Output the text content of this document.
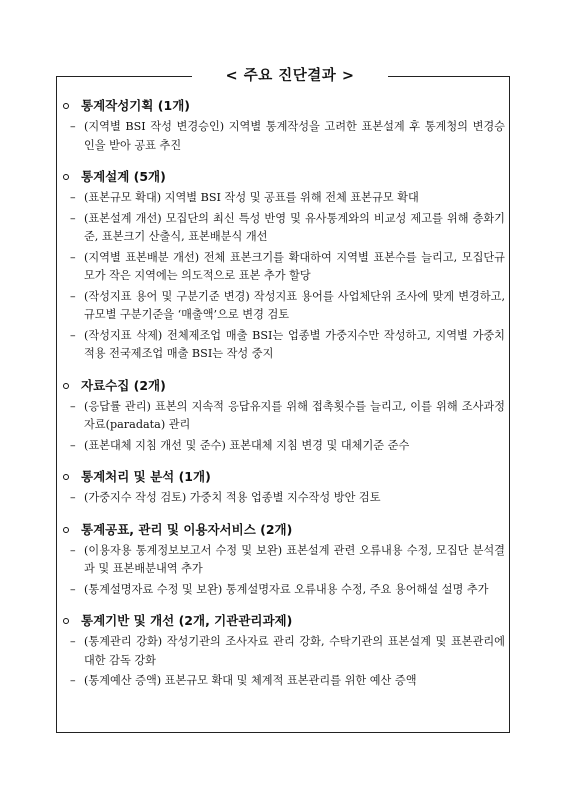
< 주요 진단결과 >
통계작성기획 (1개)
– (지역별 BSI 작성 변경승인) 지역별 통계작성을 고려한 표본설계 후 통계청의 변경승인을 받아 공표 추진
통계설계 (5개)
– (표본규모 확대) 지역별 BSI 작성 및 공표를 위해 전체 표본규모 확대
– (표본설계 개선) 모집단의 최신 특성 반영 및 유사통계와의 비교성 제고를 위해 층화기준, 표본크기 산출식, 표본배분식 개선
– (지역별 표본배분 개선) 전체 표본크기를 확대하여 지역별 표본수를 늘리고, 모집단규모가 작은 지역에는 의도적으로 표본 추가 할당
– (작성지표 용어 및 구분기준 변경) 작성지표 용어를 사업체단위 조사에 맞게 변경하고, 규모별 구분기준을 ‘매출액’으로 변경 검토
– (작성지표 삭제) 전체제조업 매출 BSI는 업종별 가중지수만 작성하고, 지역별 가중치 적용 전국제조업 매출 BSI는 작성 중지
자료수집 (2개)
– (응답률 관리) 표본의 지속적 응답유지를 위해 접촉횟수를 늘리고, 이를 위해 조사과정자료(paradata) 관리
– (표본대체 지침 개선 및 준수) 표본대체 지침 변경 및 대체기준 준수
통계처리 및 분석 (1개)
– (가중지수 작성 검토) 가중치 적용 업종별 지수작성 방안 검토
통계공표, 관리 및 이용자서비스 (2개)
– (이용자용 통계정보보고서 수정 및 보완) 표본설계 관련 오류내용 수정, 모집단 분석결과 및 표본배분내역 추가
– (통계설명자료 수정 및 보완) 통계설명자료 오류내용 수정, 주요 용어해설 설명 추가
통계기반 및 개선 (2개, 기관관리과제)
– (통계관리 강화) 작성기관의 조사자료 관리 강화, 수탁기관의 표본설계 및 표본관리에 대한 감독 강화
– (통계예산 증액) 표본규모 확대 및 체계적 표본관리를 위한 예산 증액
